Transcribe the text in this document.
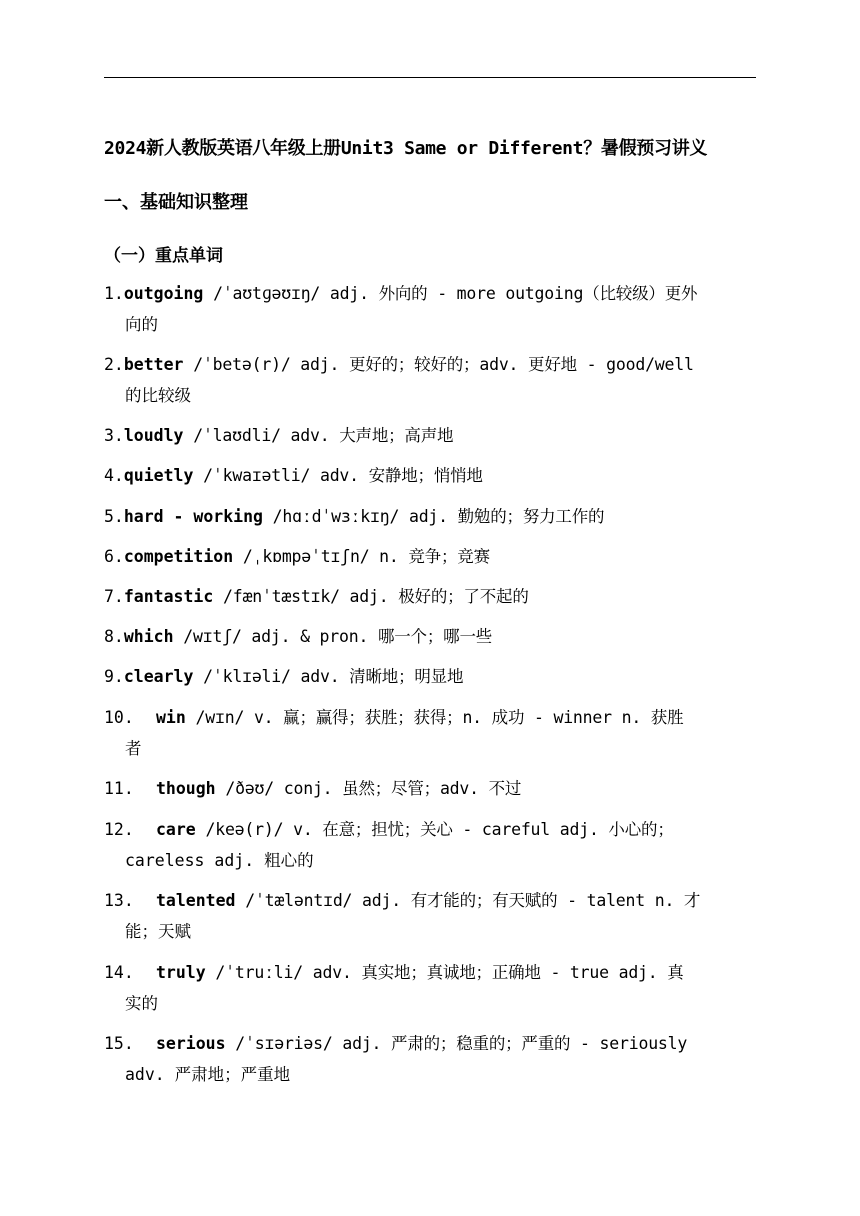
2024新人教版英语八年级上册Unit3 Same or Different？暑假预习讲义
一、基础知识整理
（一）重点单词
1.outgoing /ˈaʊtɡəʊɪŋ/ adj. 外向的 - more outgoing（比较级）更外
向的
2.better /ˈbetə(r)/ adj. 更好的；较好的；adv. 更好地 - good/well
的比较级
3.loudly /ˈlaʊdli/ adv. 大声地；高声地
4.quietly /ˈkwaɪətli/ adv. 安静地；悄悄地
5.hard - working /hɑːdˈwɜːkɪŋ/ adj. 勤勉的；努力工作的
6.competition /ˌkɒmpəˈtɪʃn/ n. 竞争；竞赛
7.fantastic /fænˈtæstɪk/ adj. 极好的；了不起的
8.which /wɪtʃ/ adj. & pron. 哪一个；哪一些
9.clearly /ˈklɪəli/ adv. 清晰地；明显地
10. win /wɪn/ v. 赢；赢得；获胜；获得；n. 成功 - winner n. 获胜
者
11. though /ðəʊ/ conj. 虽然；尽管；adv. 不过
12. care /keə(r)/ v. 在意；担忧；关心 - careful adj. 小心的；
careless adj. 粗心的
13. talented /ˈtæləntɪd/ adj. 有才能的；有天赋的 - talent n. 才
能；天赋
14. truly /ˈtruːli/ adv. 真实地；真诚地；正确地 - true adj. 真
实的
15. serious /ˈsɪəriəs/ adj. 严肃的；稳重的；严重的 - seriously
adv. 严肃地；严重地
